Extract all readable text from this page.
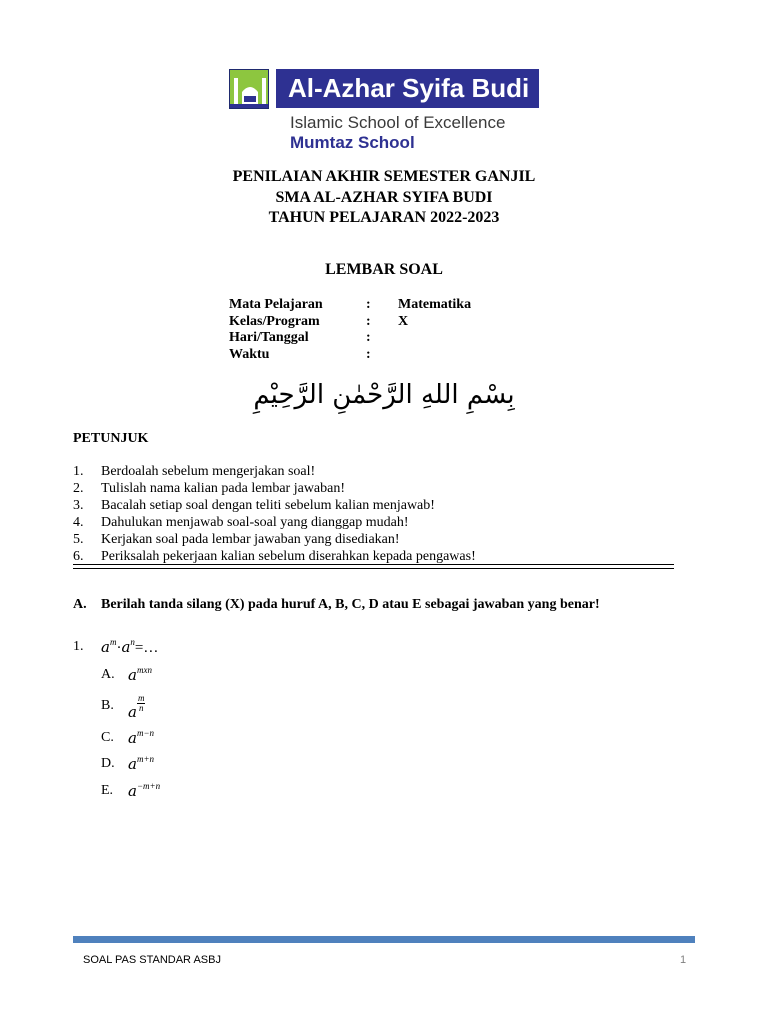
Al-Azhar Syifa Budi
Islamic School of Excellence
Mumtaz School
PENILAIAN AKHIR SEMESTER GANJIL
SMA AL-AZHAR SYIFA BUDI
TAHUN PELAJARAN 2022-2023
LEMBAR SOAL
Mata Pelajaran	: Matematika
Kelas/Program	: X
Hari/Tanggal	:
Waktu	:
بِسْمِ اللهِ الرَّحْمٰنِ الرَّحِيْمِ
PETUNJUK
1. Berdoalah sebelum mengerjakan soal!
2. Tulislah nama kalian pada lembar jawaban!
3. Bacalah setiap soal dengan teliti sebelum kalian menjawab!
4. Dahulukan menjawab soal-soal yang dianggap mudah!
5. Kerjakan soal pada lembar jawaban yang disediakan!
6. Periksalah pekerjaan kalian sebelum diserahkan kepada pengawas!
A. Berilah tanda silang (X) pada huruf A, B, C, D atau E sebagai jawaban yang benar!
1. $a^m\cdot a^n=\dots$
A. $a^{mxn}$
B. a $\frac{m}{n}$
C. $a^{m-n}$
D. $a^{m+n}$
E. $a^{-m+n}$
SOAL PAS STANDAR ASBJ	1
